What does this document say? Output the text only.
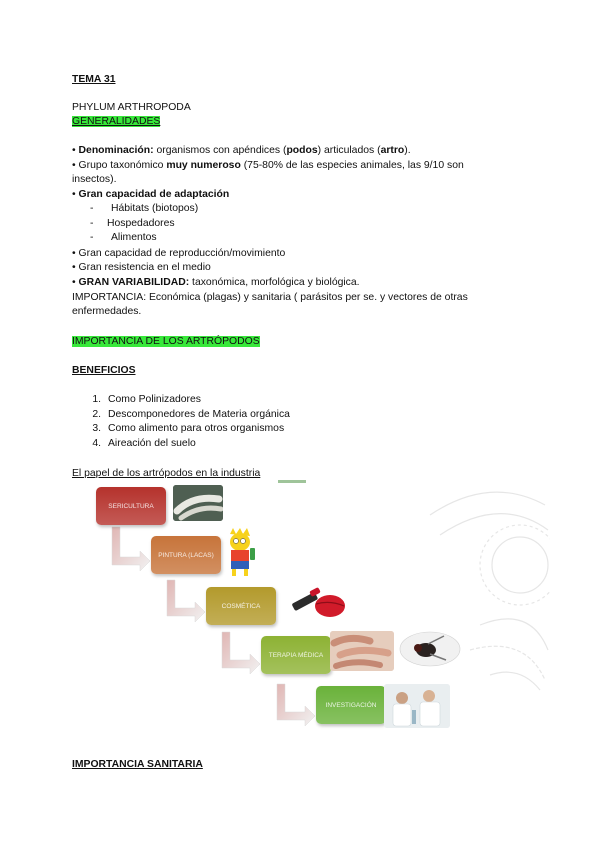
TEMA 31
PHYLUM ARTHROPODA
GENERALIDADES
• Denominación: organismos con apéndices (podos) articulados (artro).
• Grupo taxonómico muy numeroso (75-80% de las especies animales, las 9/10 son
insectos).
• Gran capacidad de adaptación
- Hábitats (biotopos)
- Hospedadores
- Alimentos
• Gran capacidad de reproducción/movimiento
• Gran resistencia en el medio
• GRAN VARIABILIDAD: taxonómica, morfológica y biológica.
IMPORTANCIA: Económica (plagas) y sanitaria ( parásitos per se. y vectores de otras
enfermedades.
IMPORTANCIA DE LOS ARTRÓPODOS
BENEFICIOS
1. Como Polinizadores
2. Descomponedores de Materia orgánica
3. Como alimento para otros organismos
4. Aireación del suelo
El papel de los artrópodos en la industria
SERICULTURA
PINTURA (LACAS)
COSMÉTICA
TERAPIA MÉDICA
INVESTIGACIÓN
IMPORTANCIA SANITARIA
